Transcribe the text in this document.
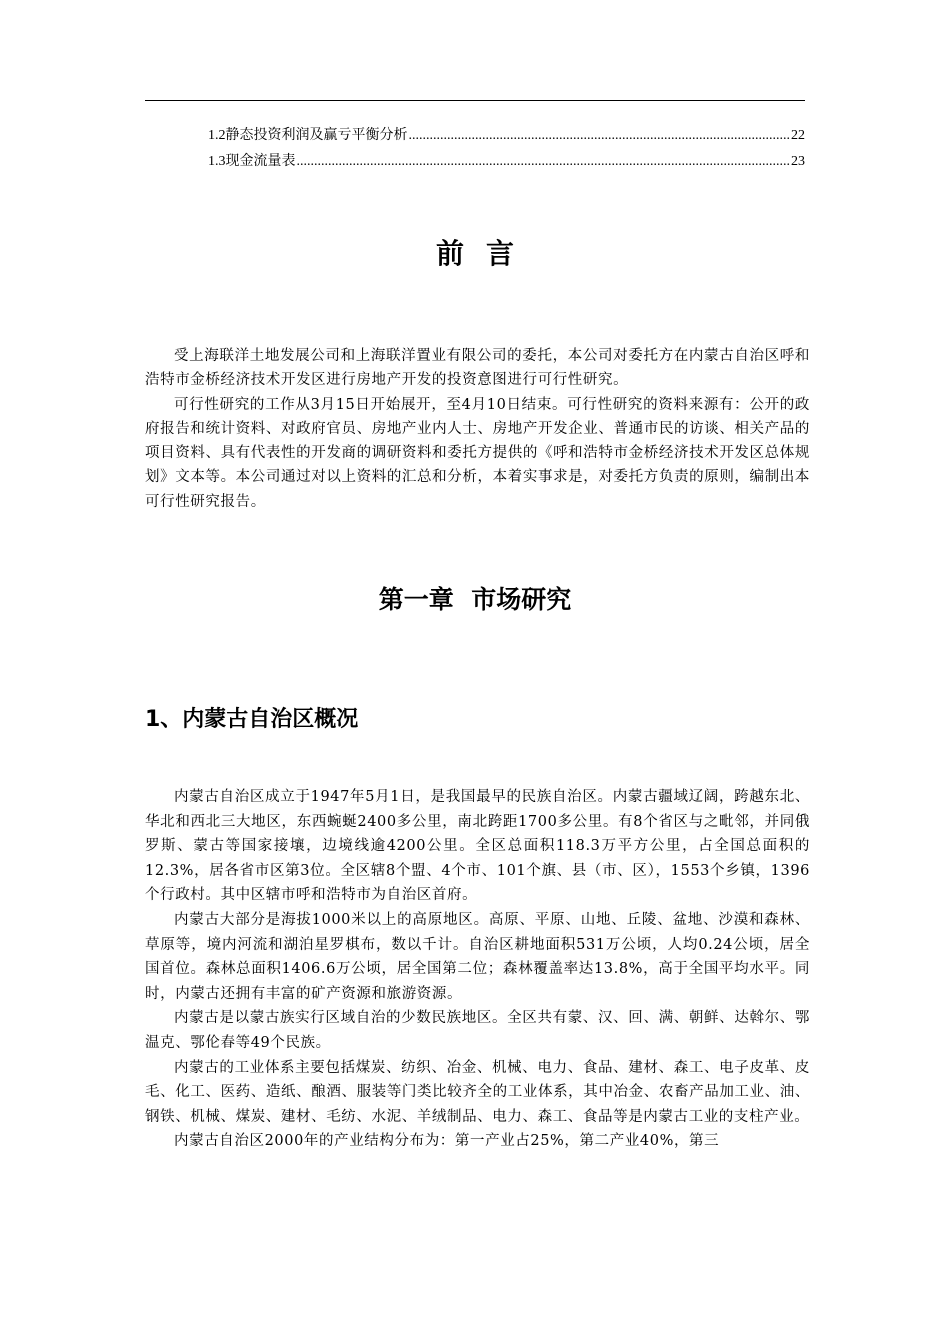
1.2 静态投资利润及赢亏平衡分析 .....	22
1.3 现金流量表 .....	23
前言

受上海联洋土地发展公司和上海联洋置业有限公司的委托，本公司对委托方在内蒙古自治区呼和浩特市金桥经济技术开发区进行房地产开发的投资意图进行可行性研究。

可行性研究的工作从3月15日开始展开，至4月10日结束。可行性研究的资料来源有：公开的政府报告和统计资料、对政府官员、房地产业内人士、房地产开发企业、普通市民的访谈、相关产品的项目资料、具有代表性的开发商的调研资料和委托方提供的《呼和浩特市金桥经济技术开发区总体规划》文本等。本公司通过对以上资料的汇总和分析，本着实事求是，对委托方负责的原则，编制出本可行性研究报告。

第一章  市场研究
1、内蒙古自治区概况

内蒙古自治区成立于1947年5月1日，是我国最早的民族自治区。内蒙古疆域辽阔，跨越东北、华北和西北三大地区，东西蜿蜒2400多公里，南北跨距1700多公里。有8个省区与之毗邻，并同俄罗斯、蒙古等国家接壤，边境线逾4200公里。全区总面积118.3万平方公里，占全国总面积的12.3%，居各省市区第3位。全区辖8个盟、4个市、101个旗、县（市、区），1553个乡镇，1396个行政村。其中区辖市呼和浩特市为自治区首府。

内蒙古大部分是海拔1000米以上的高原地区。高原、平原、山地、丘陵、盆地、沙漠和森林、草原等，境内河流和湖泊星罗棋布，数以千计。自治区耕地面积531万公顷，人均0.24公顷，居全国首位。森林总面积1406.6万公顷，居全国第二位；森林覆盖率达13.8%，高于全国平均水平。同时，内蒙古还拥有丰富的矿产资源和旅游资源。

内蒙古是以蒙古族实行区域自治的少数民族地区。全区共有蒙、汉、回、满、朝鲜、达斡尔、鄂温克、鄂伦春等49个民族。

内蒙古的工业体系主要包括煤炭、纺织、冶金、机械、电力、食品、建材、森工、电子皮革、皮毛、化工、医药、造纸、酿酒、服装等门类比较齐全的工业体系，其中冶金、农畜产品加工业、油、钢铁、机械、煤炭、建材、毛纺、水泥、羊绒制品、电力、森工、食品等是内蒙古工业的支柱产业。

内蒙古自治区2000年的产业结构分布为：第一产业占25%，第二产业40%，第三
